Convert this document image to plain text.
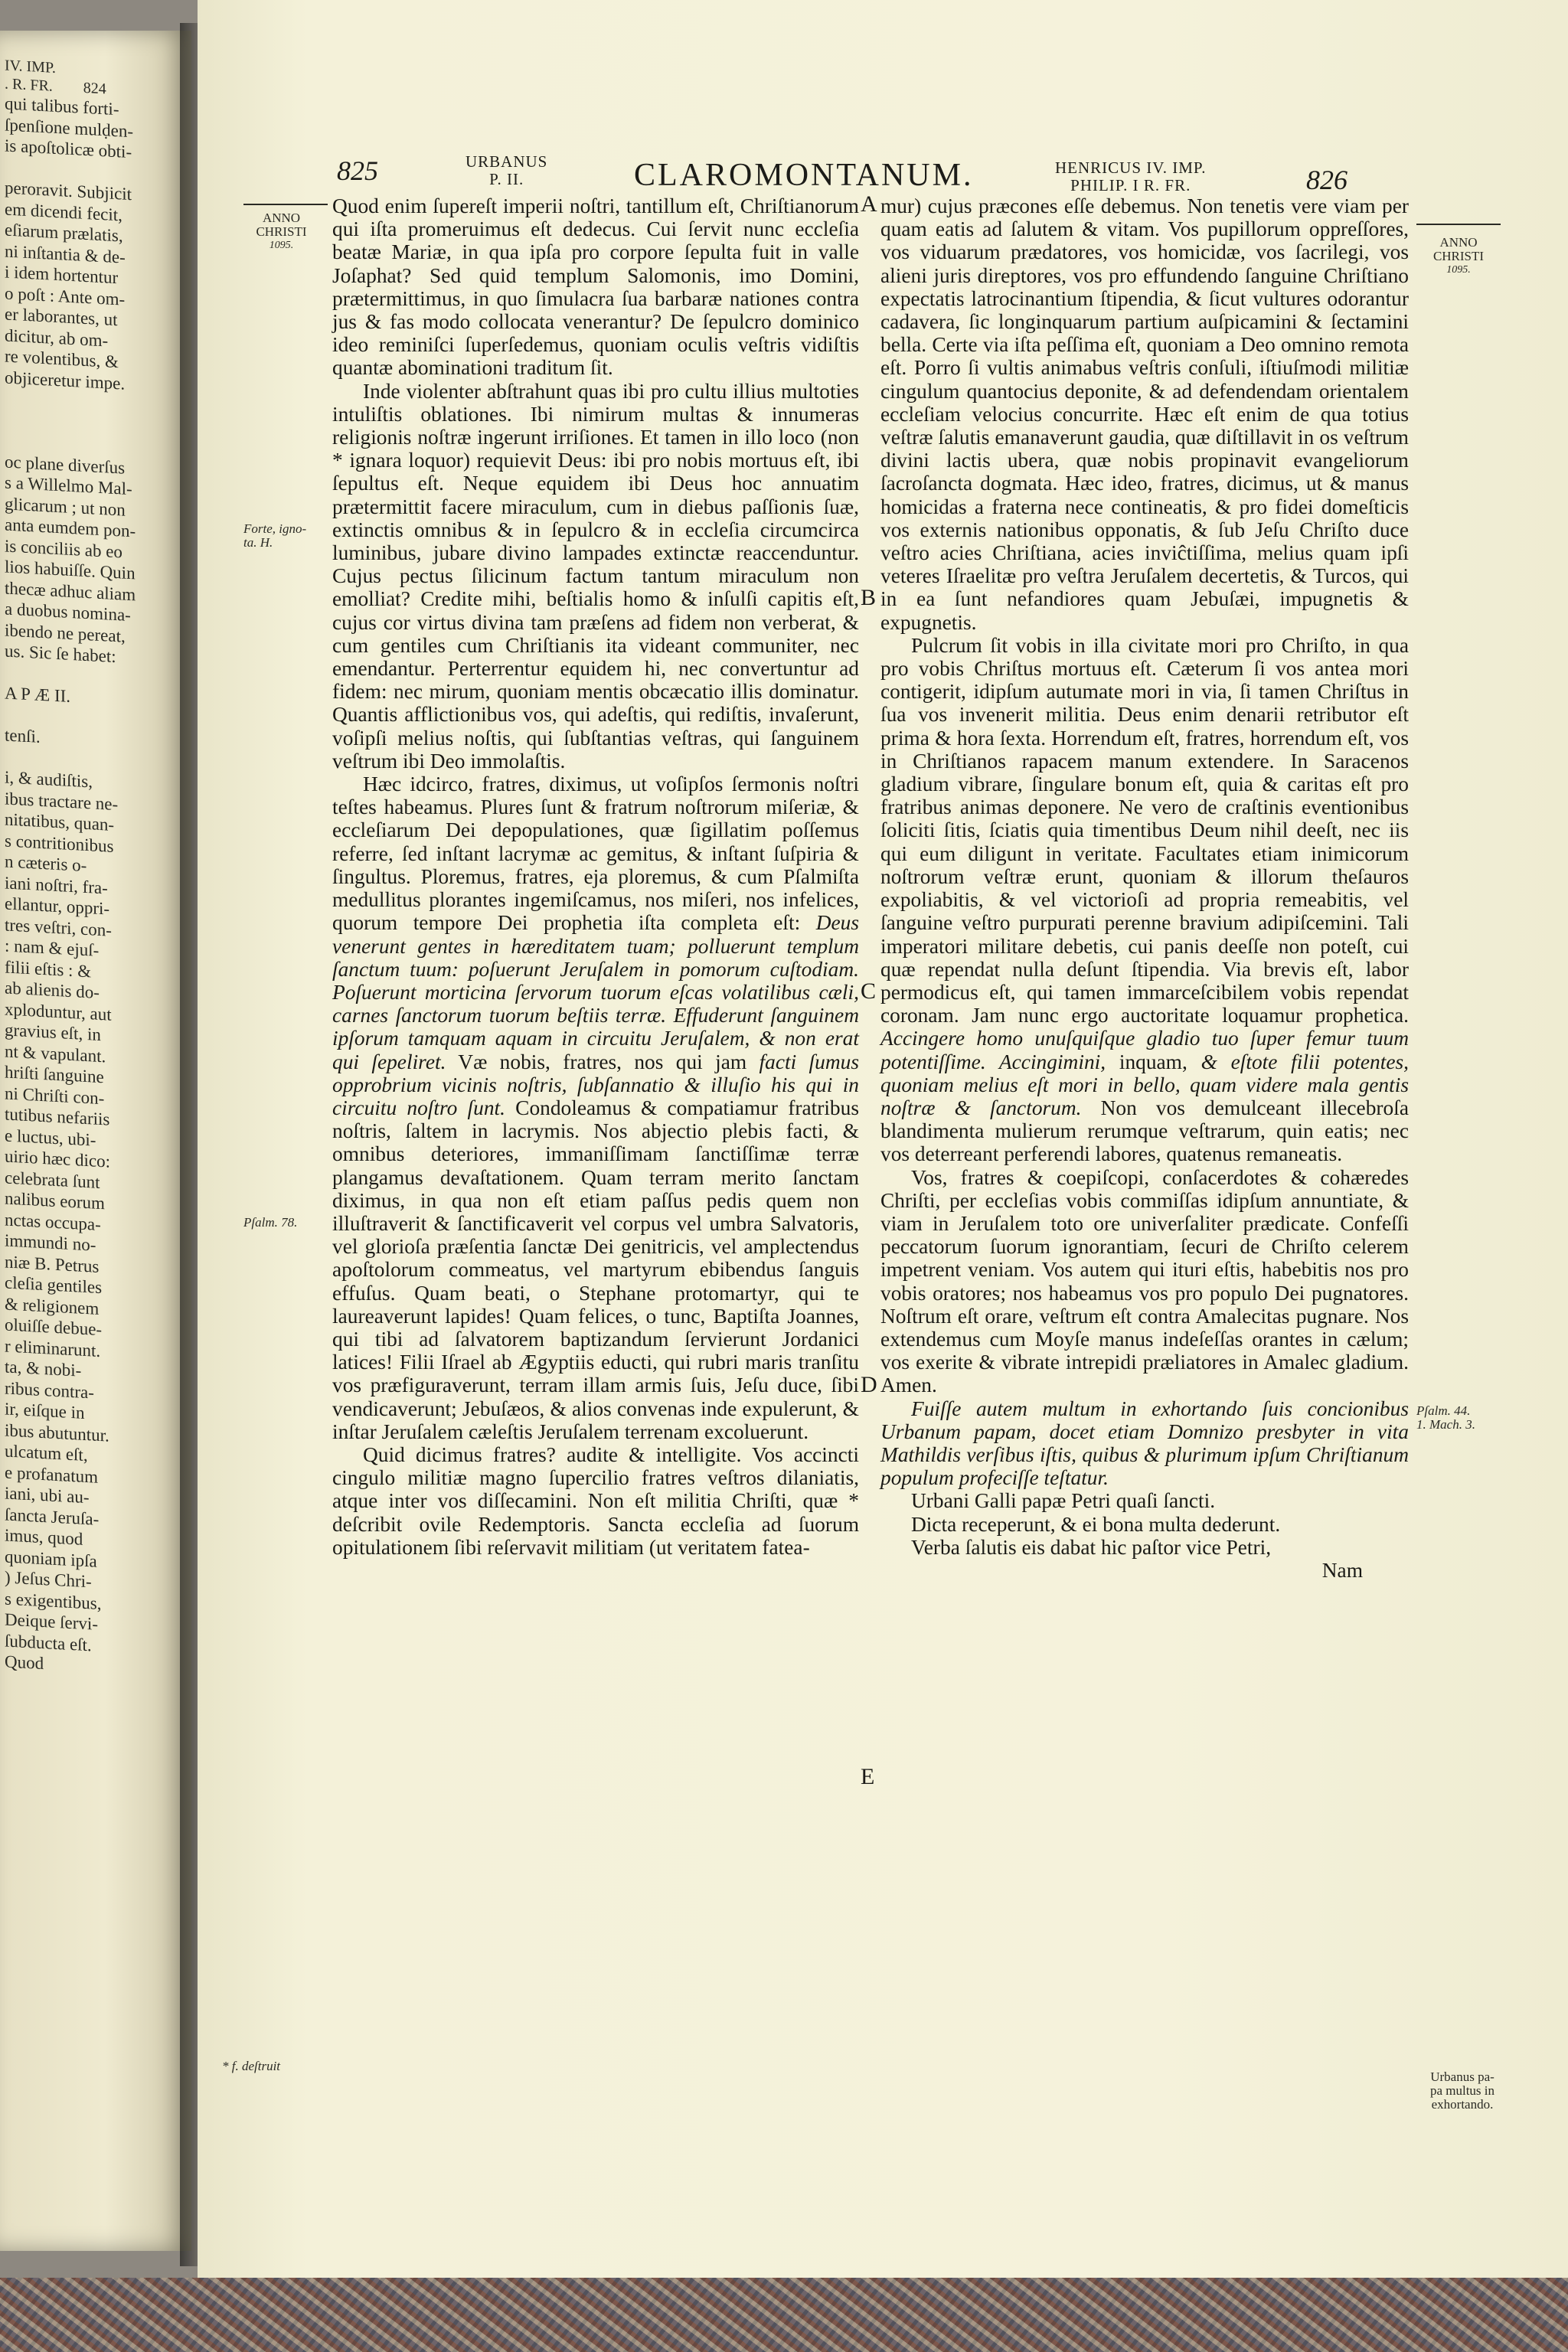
IV. IMP.
. R. FR.        824
qui talibus forti-
ſpenſione mulḍen-
is apoſtolicæ obti-

peroravit. Subjicit
em dicendi fecit,
eſiarum prælatis,
ni inſtantia & de-
i idem hortentur
o poſt : Ante om-
er laborantes, ut
dicitur, ab om-
re volentibus, &
objiceretur impe.

oc plane diverſus
s a Willelmo Mal-
glicarum ; ut non
anta eumdem pon-
is conciliis ab eo
lios habuiſſe. Quin
thecæ adhuc aliam
a duobus nomina-
ibendo ne pereat,
us. Sic ſe habet:

A P Æ II.

tenſi.

i, & audiſtis,
ibus tractare ne-
nitatibus, quan-
s contritionibus
n cæteris o-
iani noſtri, fra-
ellantur, oppri-
tres veſtri, con-
: nam & ejuſ-
filii eſtis : &
ab alienis do-
xploduntur, aut
gravius eſt, in
nt & vapulant.
hriſti ſanguine
ni Chriſti con-
tutibus nefariis
e luctus, ubi-
uirio hæc dico:
celebrata ſunt
nalibus eorum
nctas occupa-
immundi no-
niæ B. Petrus
cleſia gentiles
& religionem
oluiſſe debue-
r eliminarunt.
ta, & nobi-
ribus contra-
ir, eiſque in
ibus abutuntur.
ulcatum eſt,
e profanatum
iani, ubi au-
ſancta Jeruſa-
imus, quod
quoniam ipſa
) Jeſus Chri-
s exigentibus,
Deique ſervi-
ſubducta eſt.
Quod
825	URBANUS
P. II.	CLAROMONTANUM.	HENRICUS IV. IMP.
PHILIP. I R. FR.	826
ANNO
CHRISTI
1095.	ANNO
CHRISTI
1095.
Forte, igno-
ta. H.
Pſalm. 78.
* f. deſtruit
Pſalm. 44.
1. Mach. 3.
Urbanus pa-
pa multus in
exhortando.
A
B
C
D
E

Quod enim ſupereſt imperii noſtri, tantillum eſt, Chriſtianorum qui iſta promeruimus eſt dedecus. Cui ſervit nunc eccleſia beatæ Mariæ, in qua ipſa pro corpore ſepulta fuit in valle Joſaphat? Sed quid templum Salomonis, imo Domini, prætermittimus, in quo ſimulacra ſua barbaræ nationes contra jus & fas modo collocata venerantur? De ſepulcro dominico ideo reminiſci ſuperſedemus, quoniam oculis veſtris vidiſtis quantæ abominationi traditum ſit.

Inde violenter abſtrahunt quas ibi pro cultu illius multoties intuliſtis oblationes. Ibi nimirum multas & innumeras religionis noſtræ ingerunt irriſiones. Et tamen in illo loco (non * ignara loquor) requievit Deus: ibi pro nobis mortuus eſt, ibi ſepultus eſt. Neque equidem ibi Deus hoc annuatim prætermittit facere miraculum, cum in diebus paſſionis ſuæ, extinctis omnibus & in ſepulcro & in eccleſia circumcirca luminibus, jubare divino lampades extinctæ reaccenduntur. Cujus pectus ſilicinum factum tantum miraculum non emolliat? Credite mihi, beſtialis homo & inſulſi capitis eſt, cujus cor virtus divina tam præſens ad fidem non verberat, & cum gentiles cum Chriſtianis ita videant communiter, nec emendantur. Perterrentur equidem hi, nec convertuntur ad fidem: nec mirum, quoniam mentis obcæcatio illis dominatur. Quantis afflictionibus vos, qui adeſtis, qui rediſtis, invaſerunt, voſipſi melius noſtis, qui ſubſtantias veſtras, qui ſanguinem veſtrum ibi Deo immolaſtis.

Hæc idcirco, fratres, diximus, ut voſipſos ſermonis noſtri teſtes habeamus. Plures ſunt & fratrum noſtrorum miſeriæ, & eccleſiarum Dei depopulationes, quæ ſigillatim poſſemus referre, ſed inſtant lacrymæ ac gemitus, & inſtant ſuſpiria & ſingultus. Ploremus, fratres, eja ploremus, & cum Pſalmiſta medullitus plorantes ingemiſcamus, nos miſeri, nos infelices, quorum tempore Dei prophetia iſta completa eſt: Deus venerunt gentes in hæreditatem tuam; polluerunt templum ſanctum tuum: poſuerunt Jeruſalem in pomorum cuſtodiam. Poſuerunt morticina ſervorum tuorum eſcas volatilibus cæli, carnes ſanctorum tuorum beſtiis terræ. Effuderunt ſanguinem ipſorum tamquam aquam in circuitu Jeruſalem, & non erat qui ſepeliret. Væ nobis, fratres, nos qui jam facti ſumus opprobrium vicinis noſtris, ſubſannatio & illuſio his qui in circuitu noſtro ſunt. Condoleamus & compatiamur fratribus noſtris, ſaltem in lacrymis. Nos abjectio plebis facti, & omnibus deteriores, immaniſſimam ſanctiſſimæ terræ plangamus devaſtationem. Quam terram merito ſanctam diximus, in qua non eſt etiam paſſus pedis quem non illuſtraverit & ſanctificaverit vel corpus vel umbra Salvatoris, vel glorioſa præſentia ſanctæ Dei genitricis, vel amplectendus apoſtolorum commeatus, vel martyrum ebibendus ſanguis effuſus. Quam beati, o Stephane protomartyr, qui te laureaverunt lapides! Quam felices, o tunc, Baptiſta Joannes, qui tibi ad ſalvatorem baptizandum ſervierunt Jordanici latices! Filii Iſrael ab Ægyptiis educti, qui rubri maris tranſitu vos præfiguraverunt, terram illam armis ſuis, Jeſu duce, ſibi vendicaverunt; Jebuſæos, & alios convenas inde expulerunt, & inſtar Jeruſalem cæleſtis Jeruſalem terrenam excoluerunt.

Quid dicimus fratres? audite & intelligite. Vos accincti cingulo militiæ magno ſupercilio fratres veſtros dilaniatis, atque inter vos diſſecamini. Non eſt militia Chriſti, quæ * deſcribit ovile Redemptoris. Sancta eccleſia ad ſuorum opitulationem ſibi reſervavit militiam (ut veritatem fatea-

mur) cujus præcones eſſe debemus. Non tenetis vere viam per quam eatis ad ſalutem & vitam. Vos pupillorum oppreſſores, vos viduarum prædatores, vos homicidæ, vos ſacrilegi, vos alieni juris direptores, vos pro effundendo ſanguine Chriſtiano expectatis latrocinantium ſtipendia, & ſicut vultures odorantur cadavera, ſic longinquarum partium auſpicamini & ſectamini bella. Certe via iſta peſſima eſt, quoniam a Deo omnino remota eſt. Porro ſi vultis animabus veſtris conſuli, iſtiuſmodi militiæ cingulum quantocius deponite, & ad defendendam orientalem eccleſiam velocius concurrite. Hæc eſt enim de qua totius veſtræ ſalutis emanaverunt gaudia, quæ diſtillavit in os veſtrum divini lactis ubera, quæ nobis propinavit evangeliorum ſacroſancta dogmata. Hæc ideo, fratres, dicimus, ut & manus homicidas a fraterna nece contineatis, & pro fidei domeſticis vos externis nationibus opponatis, & ſub Jeſu Chriſto duce veſtro acies Chriſtiana, acies inviĉtiſſima, melius quam ipſi veteres Iſraelitæ pro veſtra Jeruſalem decertetis, & Turcos, qui in ea ſunt nefandiores quam Jebuſæi, impugnetis & expugnetis.

Pulcrum ſit vobis in illa civitate mori pro Chriſto, in qua pro vobis Chriſtus mortuus eſt. Cæterum ſi vos antea mori contigerit, idipſum autumate mori in via, ſi tamen Chriſtus in ſua vos invenerit militia. Deus enim denarii retributor eſt prima & hora ſexta. Horrendum eſt, fratres, horrendum eſt, vos in Chriſtianos rapacem manum extendere. In Saracenos gladium vibrare, ſingulare bonum eſt, quia & caritas eſt pro fratribus animas deponere. Ne vero de craſtinis eventionibus ſoliciti ſitis, ſciatis quia timentibus Deum nihil deeſt, nec iis qui eum diligunt in veritate. Facultates etiam inimicorum noſtrorum veſtræ erunt, quoniam & illorum theſauros expoliabitis, & vel victorioſi ad propria remeabitis, vel ſanguine veſtro purpurati perenne bravium adipiſcemini. Tali imperatori militare debetis, cui panis deeſſe non poteſt, cui quæ rependat nulla deſunt ſtipendia. Via brevis eſt, labor permodicus eſt, qui tamen immarceſcibilem vobis rependat coronam. Jam nunc ergo auctoritate loquamur prophetica. Accingere homo unuſquiſque gladio tuo ſuper femur tuum potentiſſime. Accingimini, inquam, & eſtote filii potentes, quoniam melius eſt mori in bello, quam videre mala gentis noſtræ & ſanctorum. Non vos demulceant illecebroſa blandimenta mulierum rerumque veſtrarum, quin eatis; nec vos deterreant perferendi labores, quatenus remaneatis.

Vos, fratres & coepiſcopi, conſacerdotes & cohæredes Chriſti, per eccleſias vobis commiſſas idipſum annuntiate, & viam in Jeruſalem toto ore univerſaliter prædicate. Confeſſi peccatorum ſuorum ignorantiam, ſecuri de Chriſto celerem impetrent veniam. Vos autem qui ituri eſtis, habebitis nos pro vobis oratores; nos habeamus vos pro populo Dei pugnatores. Noſtrum eſt orare, veſtrum eſt contra Amalecitas pugnare. Nos extendemus cum Moyſe manus indeſeſſas orantes in cælum; vos exerite & vibrate intrepidi præliatores in Amalec gladium. Amen.

Fuiſſe autem multum in exhortando ſuis concionibus Urbanum papam, docet etiam Domnizo presbyter in vita Mathildis verſibus iſtis, quibus & plurimum ipſum Chriſtianum populum profeciſſe teſtatur.

Urbani Galli papæ Petri quaſi ſancti.

Dicta receperunt, & ei bona multa dederunt.

Verba ſalutis eis dabat hic paſtor vice Petri,

Nam
